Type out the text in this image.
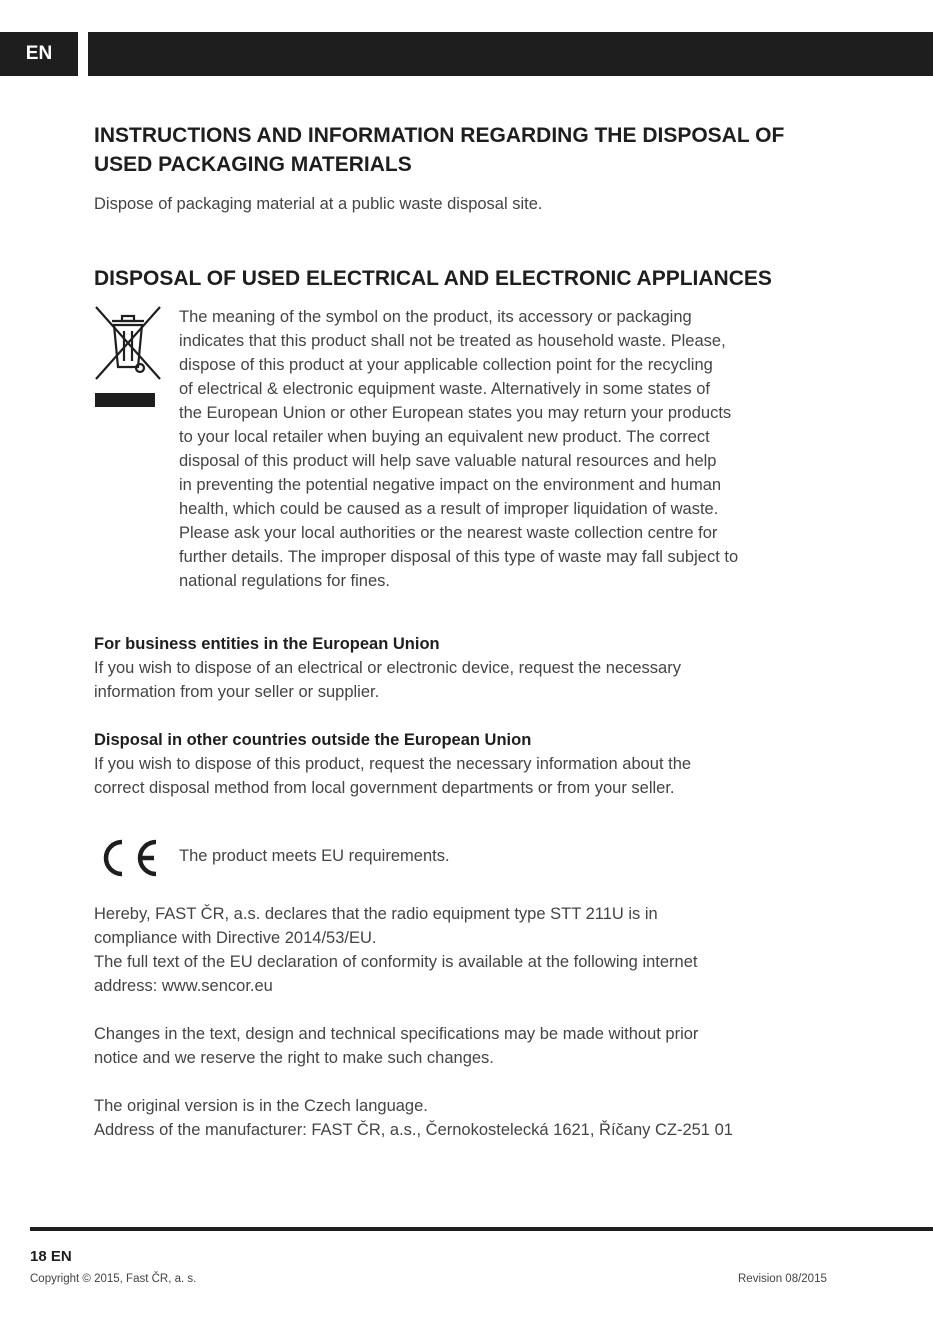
EN
INSTRUCTIONS AND INFORMATION REGARDING THE DISPOSAL OF
USED PACKAGING MATERIALS
Dispose of packaging material at a public waste disposal site.
DISPOSAL OF USED ELECTRICAL AND ELECTRONIC APPLIANCES
The meaning of the symbol on the product, its accessory or packaging
indicates that this product shall not be treated as household waste. Please,
dispose of this product at your applicable collection point for the recycling
of electrical & electronic equipment waste. Alternatively in some states of
the European Union or other European states you may return your products
to your local retailer when buying an equivalent new product. The correct
disposal of this product will help save valuable natural resources and help
in preventing the potential negative impact on the environment and human
health, which could be caused as a result of improper liquidation of waste.
Please ask your local authorities or the nearest waste collection centre for
further details. The improper disposal of this type of waste may fall subject to
national regulations for fines.
For business entities in the European Union
If you wish to dispose of an electrical or electronic device, request the necessary
information from your seller or supplier.
Disposal in other countries outside the European Union
If you wish to dispose of this product, request the necessary information about the
correct disposal method from local government departments or from your seller.
The product meets EU requirements.
Hereby, FAST ČR, a.s. declares that the radio equipment type STT 211U is in
compliance with Directive 2014/53/EU.
The full text of the EU declaration of conformity is available at the following internet
address: www.sencor.eu
Changes in the text, design and technical specifications may be made without prior
notice and we reserve the right to make such changes.
The original version is in the Czech language.
Address of the manufacturer: FAST ČR, a.s., Černokostelecká 1621, Říčany CZ-251 01
18 EN
Copyright © 2015, Fast ČR, a. s.	Revision 08/2015
